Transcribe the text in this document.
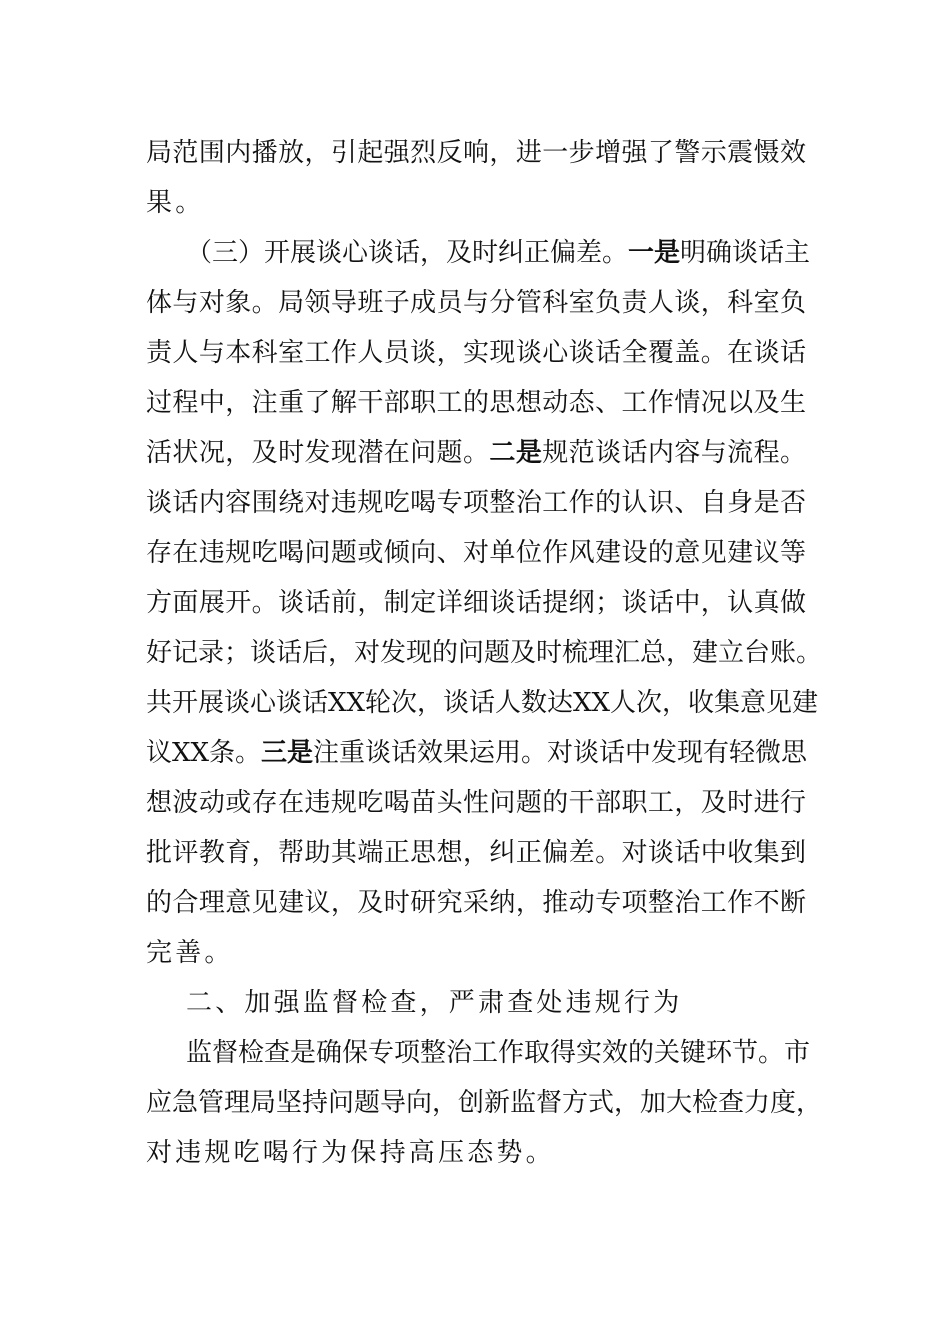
局范围内播放，引起强烈反响，进一步增强了警示震慑效
果。
（三）开展谈心谈话，及时纠正偏差。一是明确谈话主
体与对象。局领导班子成员与分管科室负责人谈，科室负
责人与本科室工作人员谈，实现谈心谈话全覆盖。在谈话
过程中，注重了解干部职工的思想动态、工作情况以及生
活状况，及时发现潜在问题。二是规范谈话内容与流程。
谈话内容围绕对违规吃喝专项整治工作的认识、自身是否
存在违规吃喝问题或倾向、对单位作风建设的意见建议等
方面展开。谈话前，制定详细谈话提纲；谈话中，认真做
好记录；谈话后，对发现的问题及时梳理汇总，建立台账。
共开展谈心谈话XX轮次，谈话人数达XX人次，收集意见建
议XX条。三是注重谈话效果运用。对谈话中发现有轻微思
想波动或存在违规吃喝苗头性问题的干部职工，及时进行
批评教育，帮助其端正思想，纠正偏差。对谈话中收集到
的合理意见建议，及时研究采纳，推动专项整治工作不断
完善。
二、加强监督检查，严肃查处违规行为
监督检查是确保专项整治工作取得实效的关键环节。市
应急管理局坚持问题导向，创新监督方式，加大检查力度，
对违规吃喝行为保持高压态势。
